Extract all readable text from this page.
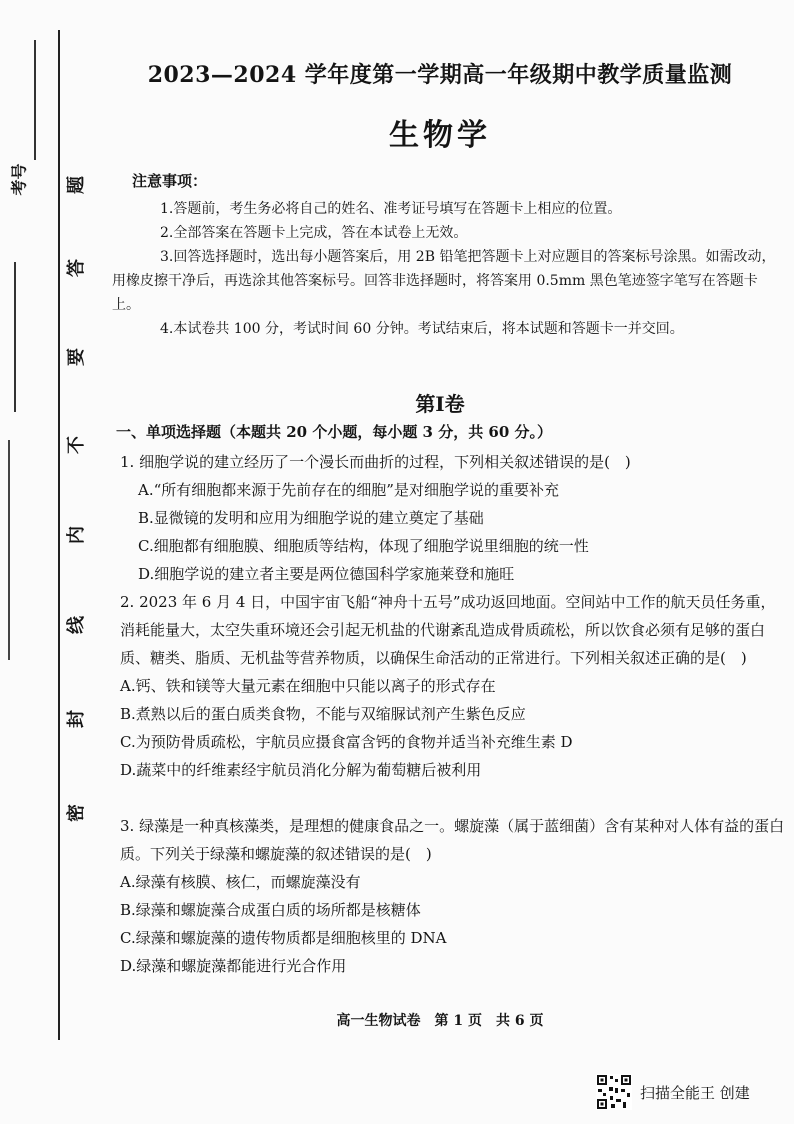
考号	题
答
要
不
内
线
封
密
2023—2024 学年度第一学期高一年级期中教学质量监测
生物学
注意事项：

1.答题前，考生务必将自己的姓名、准考证号填写在答题卡上相应的位置。

2.全部答案在答题卡上完成，答在本试卷上无效。

3.回答选择题时，选出每小题答案后，用 2B 铅笔把答题卡上对应题目的答案标号涂黑。如需改动，用橡皮擦干净后，再选涂其他答案标号。回答非选择题时，将答案用 0.5mm 黑色笔迹签字笔写在答题卡上。

4.本试卷共 100 分，考试时间 60 分钟。考试结束后，将本试题和答题卡一并交回。

第Ⅰ卷
一、单项选择题（本题共 20 个小题，每小题 3 分，共 60 分。）

1. 细胞学说的建立经历了一个漫长而曲折的过程，下列相关叙述错误的是(　)

A.“所有细胞都来源于先前存在的细胞”是对细胞学说的重要补充

B.显微镜的发明和应用为细胞学说的建立奠定了基础

C.细胞都有细胞膜、细胞质等结构，体现了细胞学说里细胞的统一性

D.细胞学说的建立者主要是两位德国科学家施莱登和施旺

2. 2023 年 6 月 4 日，中国宇宙飞船“神舟十五号”成功返回地面。空间站中工作的航天员任务重，消耗能量大，太空失重环境还会引起无机盐的代谢紊乱造成骨质疏松，所以饮食必须有足够的蛋白质、糖类、脂质、无机盐等营养物质，以确保生命活动的正常进行。下列相关叙述正确的是(　)

A.钙、铁和镁等大量元素在细胞中只能以离子的形式存在

B.煮熟以后的蛋白质类食物，不能与双缩脲试剂产生紫色反应

C.为预防骨质疏松，宇航员应摄食富含钙的食物并适当补充维生素 D

D.蔬菜中的纤维素经宇航员消化分解为葡萄糖后被利用

3. 绿藻是一种真核藻类，是理想的健康食品之一。螺旋藻（属于蓝细菌）含有某种对人体有益的蛋白质。下列关于绿藻和螺旋藻的叙述错误的是(　)

A.绿藻有核膜、核仁，而螺旋藻没有

B.绿藻和螺旋藻合成蛋白质的场所都是核糖体

C.绿藻和螺旋藻的遗传物质都是细胞核里的 DNA

D.绿藻和螺旋藻都能进行光合作用

高一生物试卷　第 1 页　共 6 页
扫描全能王 创建
